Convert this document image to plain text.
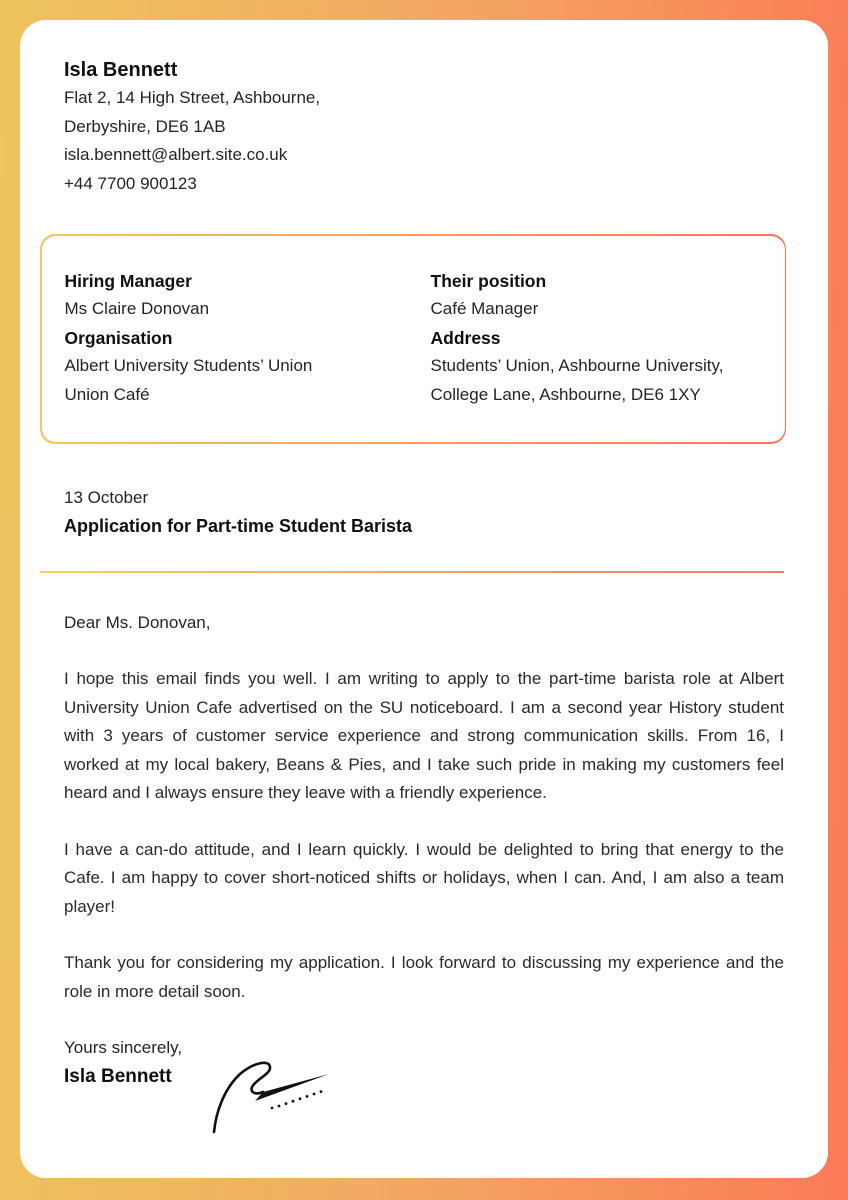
Isla Bennett
Flat 2, 14 High Street, Ashbourne,
Derbyshire, DE6 1AB
isla.bennett@albert.site.co.uk
+44 7700 900123
Hiring Manager
Ms Claire Donovan
Organisation
Albert University Students’ Union
Union Café
Their position
Café Manager
Address
Students’ Union, Ashbourne University,
College Lane, Ashbourne, DE6 1XY
13 October
Application for Part-time Student Barista
Dear Ms. Donovan,

I hope this email finds you well. I am writing to apply to the part-time barista role at Albert University Union Cafe advertised on the SU noticeboard. I am a second year History student with 3 years of customer service experience and strong communication skills. From 16, I worked at my local bakery, Beans & Pies, and I take such pride in making my customers feel heard and I always ensure they leave with a friendly experience.

I have a can-do attitude, and I learn quickly. I would be delighted to bring that energy to the Cafe. I am happy to cover short-noticed shifts or holidays, when I can. And, I am also a team player!

Thank you for considering my application. I look forward to discussing my experience and the role in more detail soon.

Yours sincerely,
Isla Bennett
